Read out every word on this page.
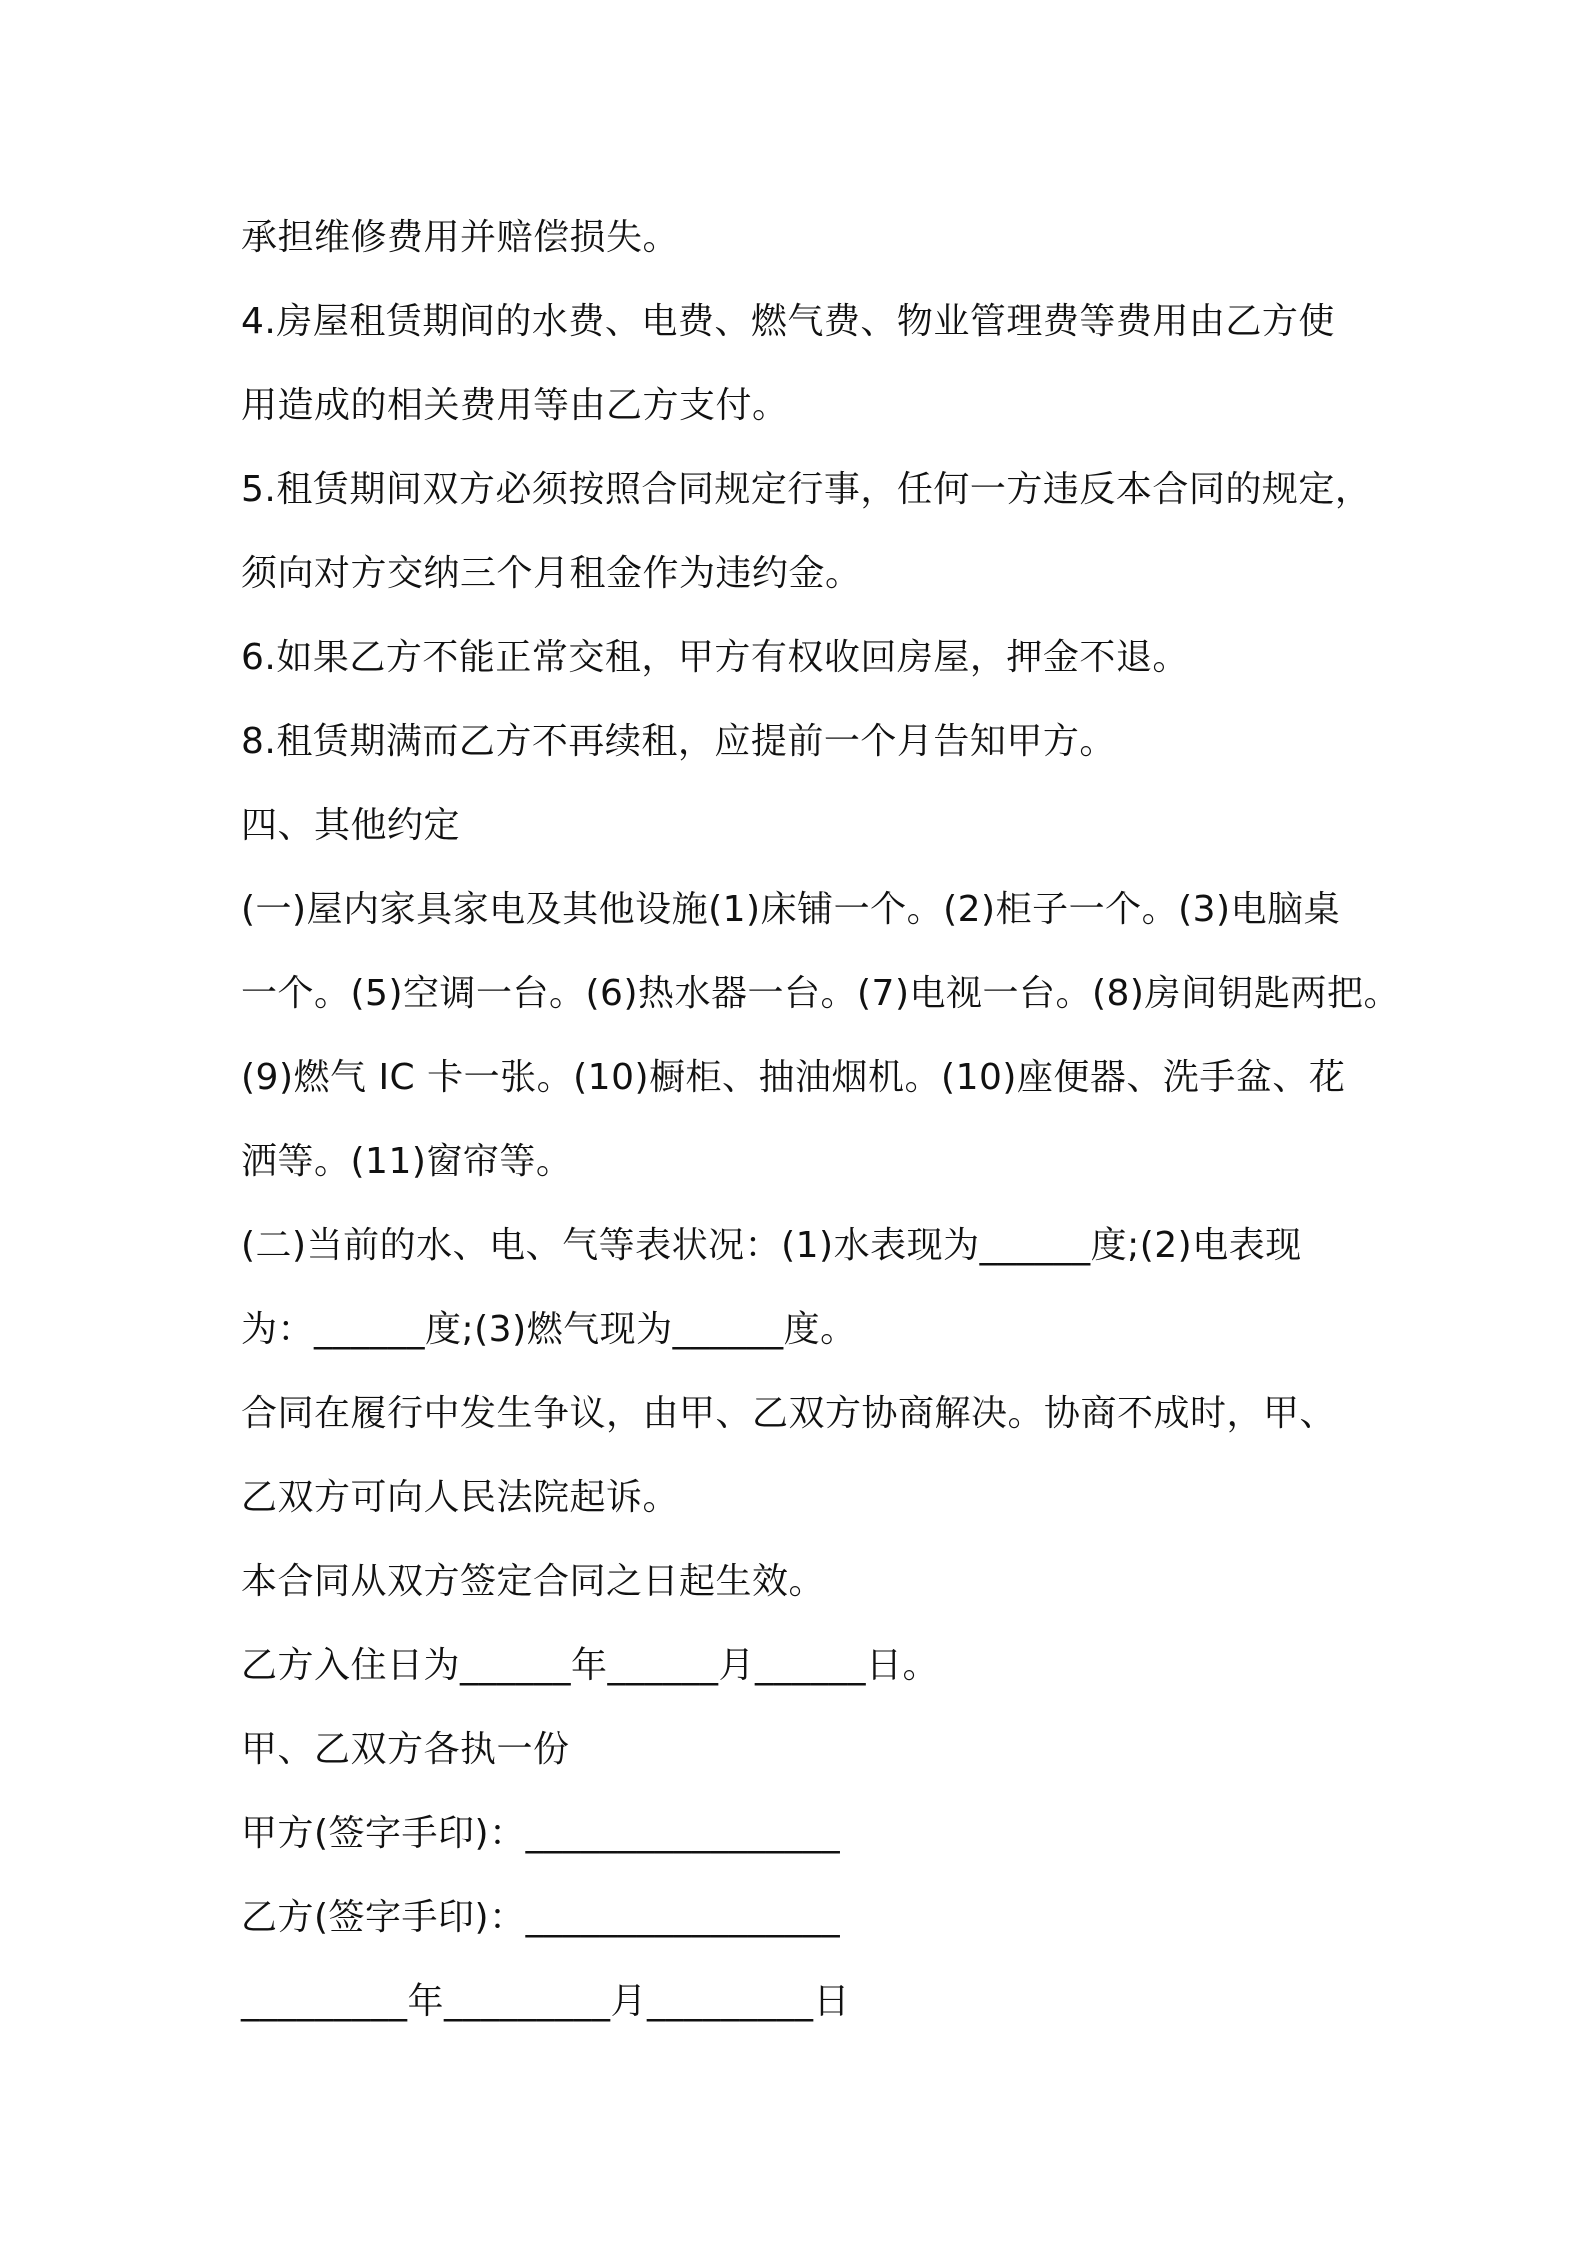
承担维修费用并赔偿损失。
4.房屋租赁期间的水费、电费、燃气费、物业管理费等费用由乙方使
用造成的相关费用等由乙方支付。
5.租赁期间双方必须按照合同规定行事，任何一方违反本合同的规定，
须向对方交纳三个月租金作为违约金。
6.如果乙方不能正常交租，甲方有权收回房屋，押金不退。
8.租赁期满而乙方不再续租，应提前一个月告知甲方。
四、其他约定
(一)屋内家具家电及其他设施(1)床铺一个。(2)柜子一个。(3)电脑桌
一个。(5)空调一台。(6)热水器一台。(7)电视一台。(8)房间钥匙两把。
(9)燃气 IC 卡一张。(10)橱柜、抽油烟机。(10)座便器、洗手盆、花
洒等。(11)窗帘等。
(二)当前的水、电、气等表状况：(1)水表现为______度;(2)电表现
为：______度;(3)燃气现为______度。
合同在履行中发生争议，由甲、乙双方协商解决。协商不成时，甲、
乙双方可向人民法院起诉。
本合同从双方签定合同之日起生效。
乙方入住日为______年______月______日。
甲、乙双方各执一份
甲方(签字手印)：_________________
乙方(签字手印)：_________________
_________年_________月_________日
